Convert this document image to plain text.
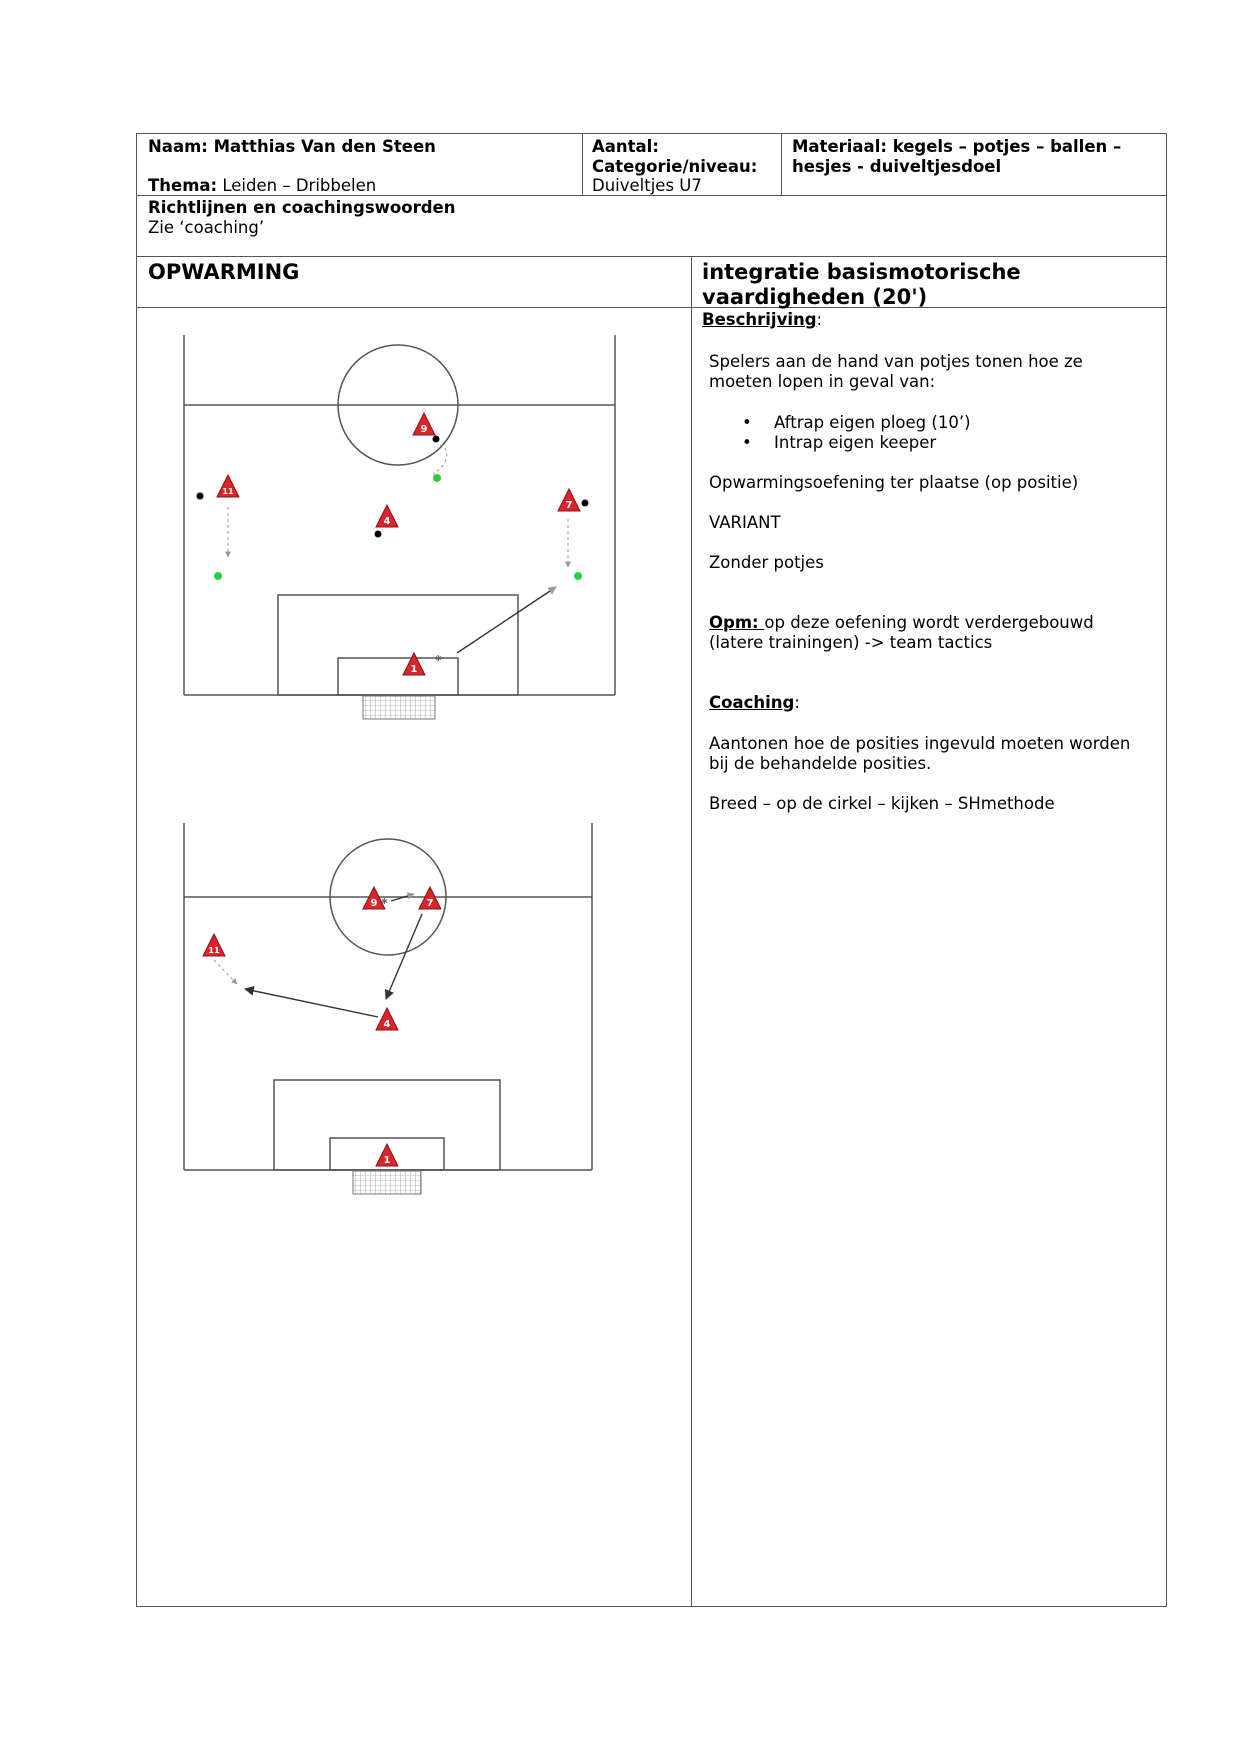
Naam: Matthias Van den Steen
Thema: Leiden – Dribbelen
Aantal:
Categorie/niveau:
Duiveltjes U7
Materiaal: kegels – potjes – ballen –
hesjes - duiveltjesdoel
Richtlijnen en coachingswoorden
Zie ‘coaching’
OPWARMING	integratie basismotorische
vaardigheden (20')
Beschrijving:
Spelers aan de hand van potjes tonen hoe ze
moeten lopen in geval van:
• Aftrap eigen ploeg (10’)
• Intrap eigen keeper
Opwarmingsoefening ter plaatse (op positie)
VARIANT
Zonder potjes
Opm: op deze oefening wordt verdergebouwd
(latere trainingen) -> team tactics
Coaching:
Aantonen hoe de posities ingevuld moeten worden
bij de behandelde posities.
Breed – op de cirkel – kijken – SHmethode
✱
9
11
4
7
1
✱
9	7
11
4
1
